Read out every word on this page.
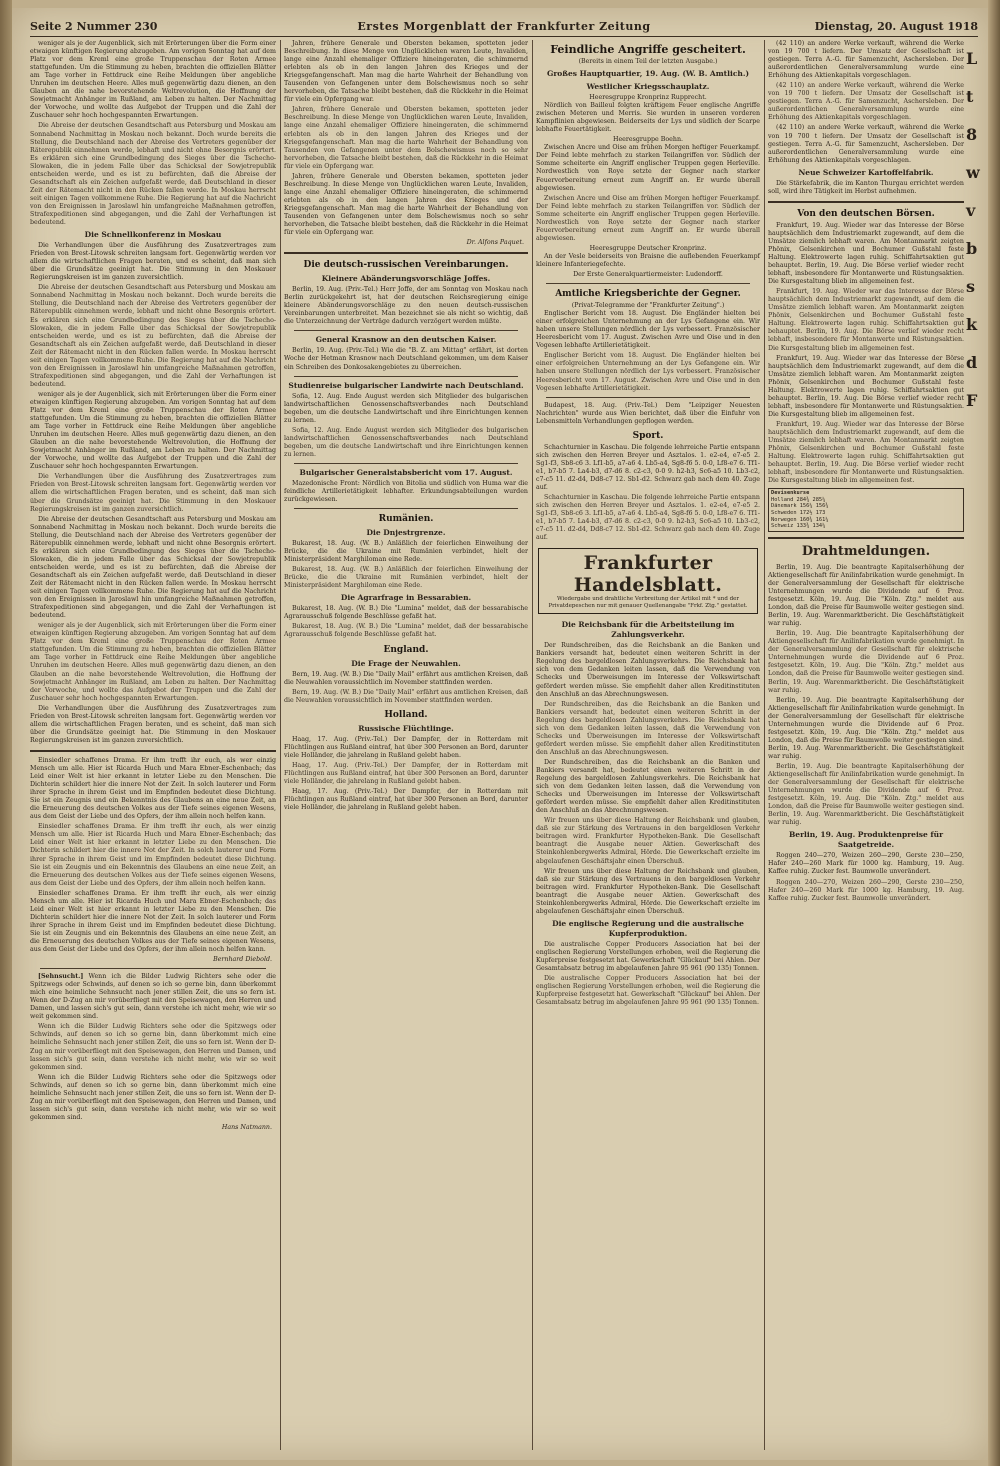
Seite 2 Nummer 230	Erstes Morgenblatt der Frankfurter Zeitung	Dienstag, 20. August 1918

weniger als je der Augenblick, sich mit Erörterungen über die Form einer etwaigen künftigen Regierung abzugeben. Am vorigen Sonntag hat auf dem Platz vor dem Kreml eine große Truppenschau der Roten Armee stattgefunden. Um die Stimmung zu heben, brachten die offiziellen Blätter am Tage vorher in Fettdruck eine Reihe Meldungen über angebliche Unruhen im deutschen Heere. Alles muß gegenwärtig dazu dienen, an den Glauben an die nahe bevorstehende Weltrevolution, die Hoffnung der Sowjetmacht Anhänger im Rußland, am Leben zu halten. Der Nachmittag der Vorwoche, und wollte das Aufgebot der Truppen und die Zahl der Zuschauer sehr hoch hochgespannten Erwartungen.

Die Abreise der deutschen Gesandtschaft aus Petersburg und Moskau am Sonnabend Nachmittag in Moskau noch bekannt. Doch wurde bereits die Stellung, die Deutschland nach der Abreise des Vertreters gegenüber der Räterepublik einnehmen werde, lebhaft und nicht ohne Besorgnis erörtert. Es erklären sich eine Grundbedingung des Sieges über die Tschecho-Slowaken, die in jedem Falle über das Schicksal der Sowjetrepublik entscheiden werde, und es ist zu befürchten, daß die Abreise der Gesandtschaft als ein Zeichen aufgefaßt werde, daß Deutschland in dieser Zeit der Rätemacht nicht in den Rücken fallen werde. In Moskau herrscht seit einigen Tagen vollkommene Ruhe. Die Regierung hat auf die Nachricht von den Ereignissen in Jaroslawl hin umfangreiche Maßnahmen getroffen, Strafexpeditionen sind abgegangen, und die Zahl der Verhaftungen ist bedeutend.

Die Schnellkonferenz in Moskau

Die Verhandlungen über die Ausführung des Zusatzvertrages zum Frieden von Brest-Litowsk schreiten langsam fort. Gegenwärtig werden vor allem die wirtschaftlichen Fragen beraten, und es scheint, daß man sich über die Grundsätze geeinigt hat. Die Stimmung in den Moskauer Regierungskreisen ist im ganzen zuversichtlich.

Die Abreise der deutschen Gesandtschaft aus Petersburg und Moskau am Sonnabend Nachmittag in Moskau noch bekannt. Doch wurde bereits die Stellung, die Deutschland nach der Abreise des Vertreters gegenüber der Räterepublik einnehmen werde, lebhaft und nicht ohne Besorgnis erörtert. Es erklären sich eine Grundbedingung des Sieges über die Tschecho-Slowaken, die in jedem Falle über das Schicksal der Sowjetrepublik entscheiden werde, und es ist zu befürchten, daß die Abreise der Gesandtschaft als ein Zeichen aufgefaßt werde, daß Deutschland in dieser Zeit der Rätemacht nicht in den Rücken fallen werde. In Moskau herrscht seit einigen Tagen vollkommene Ruhe. Die Regierung hat auf die Nachricht von den Ereignissen in Jaroslawl hin umfangreiche Maßnahmen getroffen, Strafexpeditionen sind abgegangen, und die Zahl der Verhaftungen ist bedeutend.

weniger als je der Augenblick, sich mit Erörterungen über die Form einer etwaigen künftigen Regierung abzugeben. Am vorigen Sonntag hat auf dem Platz vor dem Kreml eine große Truppenschau der Roten Armee stattgefunden. Um die Stimmung zu heben, brachten die offiziellen Blätter am Tage vorher in Fettdruck eine Reihe Meldungen über angebliche Unruhen im deutschen Heere. Alles muß gegenwärtig dazu dienen, an den Glauben an die nahe bevorstehende Weltrevolution, die Hoffnung der Sowjetmacht Anhänger im Rußland, am Leben zu halten. Der Nachmittag der Vorwoche, und wollte das Aufgebot der Truppen und die Zahl der Zuschauer sehr hoch hochgespannten Erwartungen.

Die Verhandlungen über die Ausführung des Zusatzvertrages zum Frieden von Brest-Litowsk schreiten langsam fort. Gegenwärtig werden vor allem die wirtschaftlichen Fragen beraten, und es scheint, daß man sich über die Grundsätze geeinigt hat. Die Stimmung in den Moskauer Regierungskreisen ist im ganzen zuversichtlich.

Die Abreise der deutschen Gesandtschaft aus Petersburg und Moskau am Sonnabend Nachmittag in Moskau noch bekannt. Doch wurde bereits die Stellung, die Deutschland nach der Abreise des Vertreters gegenüber der Räterepublik einnehmen werde, lebhaft und nicht ohne Besorgnis erörtert. Es erklären sich eine Grundbedingung des Sieges über die Tschecho-Slowaken, die in jedem Falle über das Schicksal der Sowjetrepublik entscheiden werde, und es ist zu befürchten, daß die Abreise der Gesandtschaft als ein Zeichen aufgefaßt werde, daß Deutschland in dieser Zeit der Rätemacht nicht in den Rücken fallen werde. In Moskau herrscht seit einigen Tagen vollkommene Ruhe. Die Regierung hat auf die Nachricht von den Ereignissen in Jaroslawl hin umfangreiche Maßnahmen getroffen, Strafexpeditionen sind abgegangen, und die Zahl der Verhaftungen ist bedeutend.

weniger als je der Augenblick, sich mit Erörterungen über die Form einer etwaigen künftigen Regierung abzugeben. Am vorigen Sonntag hat auf dem Platz vor dem Kreml eine große Truppenschau der Roten Armee stattgefunden. Um die Stimmung zu heben, brachten die offiziellen Blätter am Tage vorher in Fettdruck eine Reihe Meldungen über angebliche Unruhen im deutschen Heere. Alles muß gegenwärtig dazu dienen, an den Glauben an die nahe bevorstehende Weltrevolution, die Hoffnung der Sowjetmacht Anhänger im Rußland, am Leben zu halten. Der Nachmittag der Vorwoche, und wollte das Aufgebot der Truppen und die Zahl der Zuschauer sehr hoch hochgespannten Erwartungen.

Die Verhandlungen über die Ausführung des Zusatzvertrages zum Frieden von Brest-Litowsk schreiten langsam fort. Gegenwärtig werden vor allem die wirtschaftlichen Fragen beraten, und es scheint, daß man sich über die Grundsätze geeinigt hat. Die Stimmung in den Moskauer Regierungskreisen ist im ganzen zuversichtlich.

Einsiedler schaffenes Drama. Er ihm trefft ihr euch, als wer einzig Mensch um alle. Hier ist Ricarda Huch und Mara Ebner-Eschenbach; das Leid einer Welt ist hier erkannt in letzter Liebe zu den Menschen. Die Dichterin schildert hier die innere Not der Zeit. In solch lauterer und Form ihrer Sprache in ihrem Geist und im Empfinden bedeutet diese Dichtung. Sie ist ein Zeugnis und ein Bekenntnis des Glaubens an eine neue Zeit, an die Erneuerung des deutschen Volkes aus der Tiefe seines eigenen Wesens, aus dem Geist der Liebe und des Opfers, der ihm allein noch helfen kann.

Einsiedler schaffenes Drama. Er ihm trefft ihr euch, als wer einzig Mensch um alle. Hier ist Ricarda Huch und Mara Ebner-Eschenbach; das Leid einer Welt ist hier erkannt in letzter Liebe zu den Menschen. Die Dichterin schildert hier die innere Not der Zeit. In solch lauterer und Form ihrer Sprache in ihrem Geist und im Empfinden bedeutet diese Dichtung. Sie ist ein Zeugnis und ein Bekenntnis des Glaubens an eine neue Zeit, an die Erneuerung des deutschen Volkes aus der Tiefe seines eigenen Wesens, aus dem Geist der Liebe und des Opfers, der ihm allein noch helfen kann.

Einsiedler schaffenes Drama. Er ihm trefft ihr euch, als wer einzig Mensch um alle. Hier ist Ricarda Huch und Mara Ebner-Eschenbach; das Leid einer Welt ist hier erkannt in letzter Liebe zu den Menschen. Die Dichterin schildert hier die innere Not der Zeit. In solch lauterer und Form ihrer Sprache in ihrem Geist und im Empfinden bedeutet diese Dichtung. Sie ist ein Zeugnis und ein Bekenntnis des Glaubens an eine neue Zeit, an die Erneuerung des deutschen Volkes aus der Tiefe seines eigenen Wesens, aus dem Geist der Liebe und des Opfers, der ihm allein noch helfen kann.

Bernhard Diebold.

[Sehnsucht.] Wenn ich die Bilder Ludwig Richters sehe oder die Spitzwegs oder Schwinds, auf denen so ich so gerne bin, dann überkommt mich eine heimliche Sehnsucht nach jener stillen Zeit, die uns so fern ist. Wenn der D-Zug an mir vorüberfliegt mit den Speisewagen, den Herren und Damen, und lassen sich's gut sein, dann verstehe ich nicht mehr, wie wir so weit gekommen sind.

Wenn ich die Bilder Ludwig Richters sehe oder die Spitzwegs oder Schwinds, auf denen so ich so gerne bin, dann überkommt mich eine heimliche Sehnsucht nach jener stillen Zeit, die uns so fern ist. Wenn der D-Zug an mir vorüberfliegt mit den Speisewagen, den Herren und Damen, und lassen sich's gut sein, dann verstehe ich nicht mehr, wie wir so weit gekommen sind.

Wenn ich die Bilder Ludwig Richters sehe oder die Spitzwegs oder Schwinds, auf denen so ich so gerne bin, dann überkommt mich eine heimliche Sehnsucht nach jener stillen Zeit, die uns so fern ist. Wenn der D-Zug an mir vorüberfliegt mit den Speisewagen, den Herren und Damen, und lassen sich's gut sein, dann verstehe ich nicht mehr, wie wir so weit gekommen sind.

Hans Natmann.

Jahren, frühere Generale und Obersten bekamen, spotteten jeder Beschreibung. In diese Menge von Unglücklichen waren Leute, Invaliden, lange eine Anzahl ehemaliger Offiziere hineingeraten, die schimmernd erlebten als ob in den langen Jahren des Krieges und der Kriegsgefangenschaft. Man mag die harte Wahrheit der Behandlung von Tausenden von Gefangenen unter dem Bolschewismus noch so sehr hervorheben, die Tatsache bleibt bestehen, daß die Rückkehr in die Heimat für viele ein Opfergang war.

Jahren, frühere Generale und Obersten bekamen, spotteten jeder Beschreibung. In diese Menge von Unglücklichen waren Leute, Invaliden, lange eine Anzahl ehemaliger Offiziere hineingeraten, die schimmernd erlebten als ob in den langen Jahren des Krieges und der Kriegsgefangenschaft. Man mag die harte Wahrheit der Behandlung von Tausenden von Gefangenen unter dem Bolschewismus noch so sehr hervorheben, die Tatsache bleibt bestehen, daß die Rückkehr in die Heimat für viele ein Opfergang war.

Jahren, frühere Generale und Obersten bekamen, spotteten jeder Beschreibung. In diese Menge von Unglücklichen waren Leute, Invaliden, lange eine Anzahl ehemaliger Offiziere hineingeraten, die schimmernd erlebten als ob in den langen Jahren des Krieges und der Kriegsgefangenschaft. Man mag die harte Wahrheit der Behandlung von Tausenden von Gefangenen unter dem Bolschewismus noch so sehr hervorheben, die Tatsache bleibt bestehen, daß die Rückkehr in die Heimat für viele ein Opfergang war.

Dr. Alfons Paquet.
Die deutsch-russischen Vereinbarungen.
Kleinere Abänderungsvorschläge Joffes.

Berlin, 19. Aug. (Priv.-Tel.) Herr Joffe, der am Sonntag von Moskau nach Berlin zurückgekehrt ist, hat der deutschen Reichsregierung einige kleinere Abänderungsvorschläge zu den neuen deutsch-russischen Vereinbarungen unterbreitet. Man bezeichnet sie als nicht so wichtig, daß die Unterzeichnung der Verträge dadurch verzögert werden müßte.

General Krasnow an den deutschen Kaiser.

Berlin, 19. Aug. (Priv.-Tel.) Wie die "B. Z. am Mittag" erfährt, ist dorten Woche der Hetman Krasnow nach Deutschland gekommen, um dem Kaiser ein Schreiben des Donkosakengebietes zu überreichen.

Studienreise bulgarischer Landwirte nach Deutschland.

Sofia, 12. Aug. Ende August werden sich Mitglieder des bulgarischen landwirtschaftlichen Genossenschaftsverbandes nach Deutschland begeben, um die deutsche Landwirtschaft und ihre Einrichtungen kennen zu lernen.

Sofia, 12. Aug. Ende August werden sich Mitglieder des bulgarischen landwirtschaftlichen Genossenschaftsverbandes nach Deutschland begeben, um die deutsche Landwirtschaft und ihre Einrichtungen kennen zu lernen.

Bulgarischer Generalstabsbericht vom 17. August.

Mazedonische Front: Nördlich von Bitolia und südlich von Huma war die feindliche Artillerietätigkeit lebhafter. Erkundungsabteilungen wurden zurückgewiesen.

Rumänien.
Die Dnjestrgrenze.

Bukarest, 18. Aug. (W. B.) Anläßlich der feierlichen Einweihung der Brücke, die die Ukraine mit Rumänien verbindet, hielt der Ministerpräsident Marghiloman eine Rede.

Bukarest, 18. Aug. (W. B.) Anläßlich der feierlichen Einweihung der Brücke, die die Ukraine mit Rumänien verbindet, hielt der Ministerpräsident Marghiloman eine Rede.

Die Agrarfrage in Bessarabien.

Bukarest, 18. Aug. (W. B.) Die "Lumina" meldet, daß der bessarabische Agrarausschuß folgende Beschlüsse gefaßt hat.

Bukarest, 18. Aug. (W. B.) Die "Lumina" meldet, daß der bessarabische Agrarausschuß folgende Beschlüsse gefaßt hat.

England.
Die Frage der Neuwahlen.

Bern, 19. Aug. (W. B.) Die "Daily Mail" erfährt aus amtlichen Kreisen, daß die Neuwahlen voraussichtlich im November stattfinden werden.

Bern, 19. Aug. (W. B.) Die "Daily Mail" erfährt aus amtlichen Kreisen, daß die Neuwahlen voraussichtlich im November stattfinden werden.

Holland.
Russische Flüchtlinge.

Haag, 17. Aug. (Priv.-Tel.) Der Dampfer, der in Rotterdam mit Flüchtlingen aus Rußland eintraf, hat über 300 Personen an Bord, darunter viele Holländer, die jahrelang in Rußland gelebt haben.

Haag, 17. Aug. (Priv.-Tel.) Der Dampfer, der in Rotterdam mit Flüchtlingen aus Rußland eintraf, hat über 300 Personen an Bord, darunter viele Holländer, die jahrelang in Rußland gelebt haben.

Haag, 17. Aug. (Priv.-Tel.) Der Dampfer, der in Rotterdam mit Flüchtlingen aus Rußland eintraf, hat über 300 Personen an Bord, darunter viele Holländer, die jahrelang in Rußland gelebt haben.

Feindliche Angriffe gescheitert.
(Bereits in einem Teil der letzten Ausgabe.)
Großes Hauptquartier, 19. Aug. (W. B. Amtlich.)
Westlicher Kriegsschauplatz.
Heeresgruppe Kronprinz Rupprecht.

Nördlich von Bailleul folgten kräftigem Feuer englische Angriffe zwischen Meteren und Merris. Sie wurden in unseren vorderen Kampflinien abgewiesen. Beiderseits der Lys und südlich der Scarpe lebhafte Feuertätigkeit.

Heeresgruppe Boehn.

Zwischen Ancre und Oise am frühen Morgen heftiger Feuerkampf. Der Feind lebte mehrfach zu starken Teilangriffen vor. Südlich der Somme scheiterte ein Angriff englischer Truppen gegen Herleville. Nordwestlich von Roye setzte der Gegner nach starker Feuervorbereitung erneut zum Angriff an. Er wurde überall abgewiesen.

Zwischen Ancre und Oise am frühen Morgen heftiger Feuerkampf. Der Feind lebte mehrfach zu starken Teilangriffen vor. Südlich der Somme scheiterte ein Angriff englischer Truppen gegen Herleville. Nordwestlich von Roye setzte der Gegner nach starker Feuervorbereitung erneut zum Angriff an. Er wurde überall abgewiesen.

Heeresgruppe Deutscher Kronprinz.

An der Vesle beiderseits von Braisne die auflebenden Feuerkampf kleinere Infanteriegefechte.

Der Erste Generalquartiermeister: Ludendorff.
Amtliche Kriegsberichte der Gegner.
(Privat-Telegramme der "Frankfurter Zeitung".)

Englischer Bericht vom 18. August. Die Engländer hielten bei einer erfolgreichen Unternehmung an der Lys Gefangene ein. Wir haben unsere Stellungen nördlich der Lys verbessert. Französischer Heeresbericht vom 17. August. Zwischen Avre und Oise und in den Vogesen lebhafte Artillerietätigkeit.

Englischer Bericht vom 18. August. Die Engländer hielten bei einer erfolgreichen Unternehmung an der Lys Gefangene ein. Wir haben unsere Stellungen nördlich der Lys verbessert. Französischer Heeresbericht vom 17. August. Zwischen Avre und Oise und in den Vogesen lebhafte Artillerietätigkeit.

Budapest, 18. Aug. (Priv.-Tel.) Dem "Leipziger Neuesten Nachrichten" wurde aus Wien berichtet, daß über die Einfuhr von Lebensmitteln Verhandlungen gepflogen werden.

Sport.

Schachturnier in Kaschau. Die folgende lehrreiche Partie entspann sich zwischen den Herren Breyer und Asztalos. 1. e2-e4, e7-e5 2. Sg1-f3, Sb8-c6 3. Lf1-b5, a7-a6 4. Lb5-a4, Sg8-f6 5. 0-0, Lf8-e7 6. Tf1-e1, b7-b5 7. La4-b3, d7-d6 8. c2-c3, 0-0 9. h2-h3, Sc6-a5 10. Lb3-c2, c7-c5 11. d2-d4, Dd8-c7 12. Sb1-d2. Schwarz gab nach dem 40. Zuge auf.

Schachturnier in Kaschau. Die folgende lehrreiche Partie entspann sich zwischen den Herren Breyer und Asztalos. 1. e2-e4, e7-e5 2. Sg1-f3, Sb8-c6 3. Lf1-b5, a7-a6 4. Lb5-a4, Sg8-f6 5. 0-0, Lf8-e7 6. Tf1-e1, b7-b5 7. La4-b3, d7-d6 8. c2-c3, 0-0 9. h2-h3, Sc6-a5 10. Lb3-c2, c7-c5 11. d2-d4, Dd8-c7 12. Sb1-d2. Schwarz gab nach dem 40. Zuge auf.

Frankfurter Handelsblatt.
Wiedergabe und drahtliche Verbreitung der Artikel mit * und der Privatdepeschen nur mit genauer Quellenangabe "Frkf. Ztg." gestattet.
Die Reichsbank für die Arbeitsteilung im Zahlungsverkehr.

Der Rundschreiben, das die Reichsbank an die Banken und Bankiers versandt hat, bedeutet einen weiteren Schritt in der Regelung des bargeldlosen Zahlungsverkehrs. Die Reichsbank hat sich von dem Gedanken leiten lassen, daß die Verwendung von Schecks und Überweisungen im Interesse der Volkswirtschaft gefördert werden müsse. Sie empfiehlt daher allen Kreditinstituten den Anschluß an das Abrechnungswesen.

Der Rundschreiben, das die Reichsbank an die Banken und Bankiers versandt hat, bedeutet einen weiteren Schritt in der Regelung des bargeldlosen Zahlungsverkehrs. Die Reichsbank hat sich von dem Gedanken leiten lassen, daß die Verwendung von Schecks und Überweisungen im Interesse der Volkswirtschaft gefördert werden müsse. Sie empfiehlt daher allen Kreditinstituten den Anschluß an das Abrechnungswesen.

Der Rundschreiben, das die Reichsbank an die Banken und Bankiers versandt hat, bedeutet einen weiteren Schritt in der Regelung des bargeldlosen Zahlungsverkehrs. Die Reichsbank hat sich von dem Gedanken leiten lassen, daß die Verwendung von Schecks und Überweisungen im Interesse der Volkswirtschaft gefördert werden müsse. Sie empfiehlt daher allen Kreditinstituten den Anschluß an das Abrechnungswesen.

Wir freuen uns über diese Haltung der Reichsbank und glauben, daß sie zur Stärkung des Vertrauens in den bargeldlosen Verkehr beitragen wird. Frankfurter Hypotheken-Bank. Die Gesellschaft beantragt die Ausgabe neuer Aktien. Gewerkschaft des Steinkohlenbergwerks Admiral, Hörde. Die Gewerkschaft erzielte im abgelaufenen Geschäftsjahr einen Überschuß.

Wir freuen uns über diese Haltung der Reichsbank und glauben, daß sie zur Stärkung des Vertrauens in den bargeldlosen Verkehr beitragen wird. Frankfurter Hypotheken-Bank. Die Gesellschaft beantragt die Ausgabe neuer Aktien. Gewerkschaft des Steinkohlenbergwerks Admiral, Hörde. Die Gewerkschaft erzielte im abgelaufenen Geschäftsjahr einen Überschuß.

Die englische Regierung und die australische Kupferproduktion.

Die australische Copper Producers Association hat bei der englischen Regierung Vorstellungen erhoben, weil die Regierung die Kupferpreise festgesetzt hat. Gewerkschaft "Glückauf" bei Ahlen. Der Gesamtabsatz betrug im abgelaufenen Jahre 95 961 (90 135) Tonnen.

Die australische Copper Producers Association hat bei der englischen Regierung Vorstellungen erhoben, weil die Regierung die Kupferpreise festgesetzt hat. Gewerkschaft "Glückauf" bei Ahlen. Der Gesamtabsatz betrug im abgelaufenen Jahre 95 961 (90 135) Tonnen.

(42 110) an andere Werke verkauft, während die Werke von 19 700 t liefern. Der Umsatz der Gesellschaft ist gestiegen. Terra A.-G. für Samenzucht, Aschersleben. Der außerordentlichen Generalversammlung wurde eine Erhöhung des Aktienkapitals vorgeschlagen.

(42 110) an andere Werke verkauft, während die Werke von 19 700 t liefern. Der Umsatz der Gesellschaft ist gestiegen. Terra A.-G. für Samenzucht, Aschersleben. Der außerordentlichen Generalversammlung wurde eine Erhöhung des Aktienkapitals vorgeschlagen.

(42 110) an andere Werke verkauft, während die Werke von 19 700 t liefern. Der Umsatz der Gesellschaft ist gestiegen. Terra A.-G. für Samenzucht, Aschersleben. Der außerordentlichen Generalversammlung wurde eine Erhöhung des Aktienkapitals vorgeschlagen.

Neue Schweizer Kartoffelfabrik.

Die Stärkefabrik, die im Kanton Thurgau errichtet werden soll, wird ihre Tätigkeit im Herbst aufnehmen.

Von den deutschen Börsen.

Frankfurt, 19. Aug. Wieder war das Interesse der Börse hauptsächlich dem Industriemarkt zugewandt, auf dem die Umsätze ziemlich lebhaft waren. Am Montanmarkt zeigten Phönix, Gelsenkirchen und Bochumer Gußstahl feste Haltung. Elektrowerte lagen ruhig. Schiffahrtsaktien gut behauptet. Berlin, 19. Aug. Die Börse verlief wieder recht lebhaft, insbesondere für Montanwerte und Rüstungsaktien. Die Kursgestaltung blieb im allgemeinen fest.

Frankfurt, 19. Aug. Wieder war das Interesse der Börse hauptsächlich dem Industriemarkt zugewandt, auf dem die Umsätze ziemlich lebhaft waren. Am Montanmarkt zeigten Phönix, Gelsenkirchen und Bochumer Gußstahl feste Haltung. Elektrowerte lagen ruhig. Schiffahrtsaktien gut behauptet. Berlin, 19. Aug. Die Börse verlief wieder recht lebhaft, insbesondere für Montanwerte und Rüstungsaktien. Die Kursgestaltung blieb im allgemeinen fest.

Frankfurt, 19. Aug. Wieder war das Interesse der Börse hauptsächlich dem Industriemarkt zugewandt, auf dem die Umsätze ziemlich lebhaft waren. Am Montanmarkt zeigten Phönix, Gelsenkirchen und Bochumer Gußstahl feste Haltung. Elektrowerte lagen ruhig. Schiffahrtsaktien gut behauptet. Berlin, 19. Aug. Die Börse verlief wieder recht lebhaft, insbesondere für Montanwerte und Rüstungsaktien. Die Kursgestaltung blieb im allgemeinen fest.

Frankfurt, 19. Aug. Wieder war das Interesse der Börse hauptsächlich dem Industriemarkt zugewandt, auf dem die Umsätze ziemlich lebhaft waren. Am Montanmarkt zeigten Phönix, Gelsenkirchen und Bochumer Gußstahl feste Haltung. Elektrowerte lagen ruhig. Schiffahrtsaktien gut behauptet. Berlin, 19. Aug. Die Börse verlief wieder recht lebhaft, insbesondere für Montanwerte und Rüstungsaktien. Die Kursgestaltung blieb im allgemeinen fest.

Devisenkurse
Holland 284¾ 285¼
Dänemark 156¼ 156¾
Schweden 172½ 173
Norwegen 160¾ 161¼
Schweiz 133¾ 134¼
Drahtmeldungen.

Berlin, 19. Aug. Die beantragte Kapitalserhöhung der Aktiengesellschaft für Anilinfabrikation wurde genehmigt. In der Generalversammlung der Gesellschaft für elektrische Unternehmungen wurde die Dividende auf 6 Proz. festgesetzt. Köln, 19. Aug. Die "Köln. Ztg." meldet aus London, daß die Preise für Baumwolle weiter gestiegen sind. Berlin, 19. Aug. Warenmarktbericht. Die Geschäftstätigkeit war ruhig.

Berlin, 19. Aug. Die beantragte Kapitalserhöhung der Aktiengesellschaft für Anilinfabrikation wurde genehmigt. In der Generalversammlung der Gesellschaft für elektrische Unternehmungen wurde die Dividende auf 6 Proz. festgesetzt. Köln, 19. Aug. Die "Köln. Ztg." meldet aus London, daß die Preise für Baumwolle weiter gestiegen sind. Berlin, 19. Aug. Warenmarktbericht. Die Geschäftstätigkeit war ruhig.

Berlin, 19. Aug. Die beantragte Kapitalserhöhung der Aktiengesellschaft für Anilinfabrikation wurde genehmigt. In der Generalversammlung der Gesellschaft für elektrische Unternehmungen wurde die Dividende auf 6 Proz. festgesetzt. Köln, 19. Aug. Die "Köln. Ztg." meldet aus London, daß die Preise für Baumwolle weiter gestiegen sind. Berlin, 19. Aug. Warenmarktbericht. Die Geschäftstätigkeit war ruhig.

Berlin, 19. Aug. Die beantragte Kapitalserhöhung der Aktiengesellschaft für Anilinfabrikation wurde genehmigt. In der Generalversammlung der Gesellschaft für elektrische Unternehmungen wurde die Dividende auf 6 Proz. festgesetzt. Köln, 19. Aug. Die "Köln. Ztg." meldet aus London, daß die Preise für Baumwolle weiter gestiegen sind. Berlin, 19. Aug. Warenmarktbericht. Die Geschäftstätigkeit war ruhig.

Berlin, 19. Aug. Produktenpreise für Saatgetreide.

Roggen 240—270, Weizen 260—290, Gerste 230—250, Hafer 240—260 Mark für 1000 kg. Hamburg, 19. Aug. Kaffee ruhig. Zucker fest. Baumwolle unverändert.

Roggen 240—270, Weizen 260—290, Gerste 230—250, Hafer 240—260 Mark für 1000 kg. Hamburg, 19. Aug. Kaffee ruhig. Zucker fest. Baumwolle unverändert.

L
t
8
w
v
b
s
k
d
F
